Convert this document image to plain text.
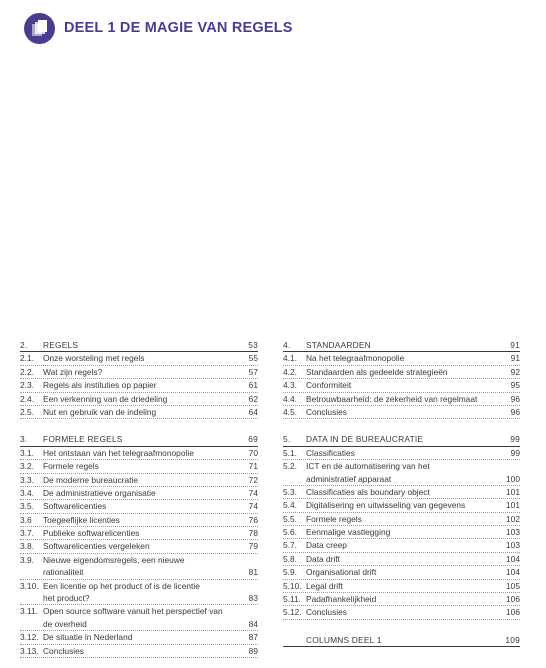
DEEL 1 DE MAGIE VAN REGELS
2.	REGELS	53
2.1.	Onze worsteling met regels	55
2.2.	Wat zijn regels?	57
2.3.	Regels als instituties op papier	61
2.4.	Een verkenning van de driedeling	62
2.5.	Nut en gebruik van de indeling	64
3.	FORMELE REGELS	69
3.1.	Het ontstaan van het telegraafmonopolie	70
3.2.	Formele regels	71
3.3.	De moderne bureaucratie	72
3.4.	De administratieve organisatie	74
3.5.	Softwarelicenties	74
3.6	Toegeeflijke licenties	76
3.7.	Publieke softwarelicenties	78
3.8.	Softwarelicenties vergeleken	79
3.9.	Nieuwe eigendomsregels, een nieuwe
rationaliteit	81
3.10. Een licentie op het product of is de licentie
het product?	83
3.11. Open source software vanuit het perspectief van
de overheid	84
3.12. De situatie in Nederland	87
3.13. Conclusies	89
4.	STANDAARDEN	91
4.1.	Na het telegraafmonopolie	91
4.2.	Standaarden als gedeelde strategieën	92
4.3.	Conformiteit	95
4.4.	Betrouwbaarheid: de zekerheid van regelmaat	96
4.5.	Conclusies	96
5.	DATA IN DE BUREAUCRATIE	99
5.1.	Classificaties	99
5.2.	ICT en de automatisering van het
administratief apparaat	100
5.3.	Classificaties als boundary object	101
5.4.	Digitalisering en uitwisseling van gegevens	101
5.5.	Formele regels	102
5.6.	Eenmalige vastlegging	103
5.7.	Data creep	103
5.8.	Data drift	104
5.9.	Organisational drift	104
5.10. Legal drift	105
5.11. Padafhankelijkheid	106
5.12. Conclusies	106
COLUMNS DEEL 1	109
